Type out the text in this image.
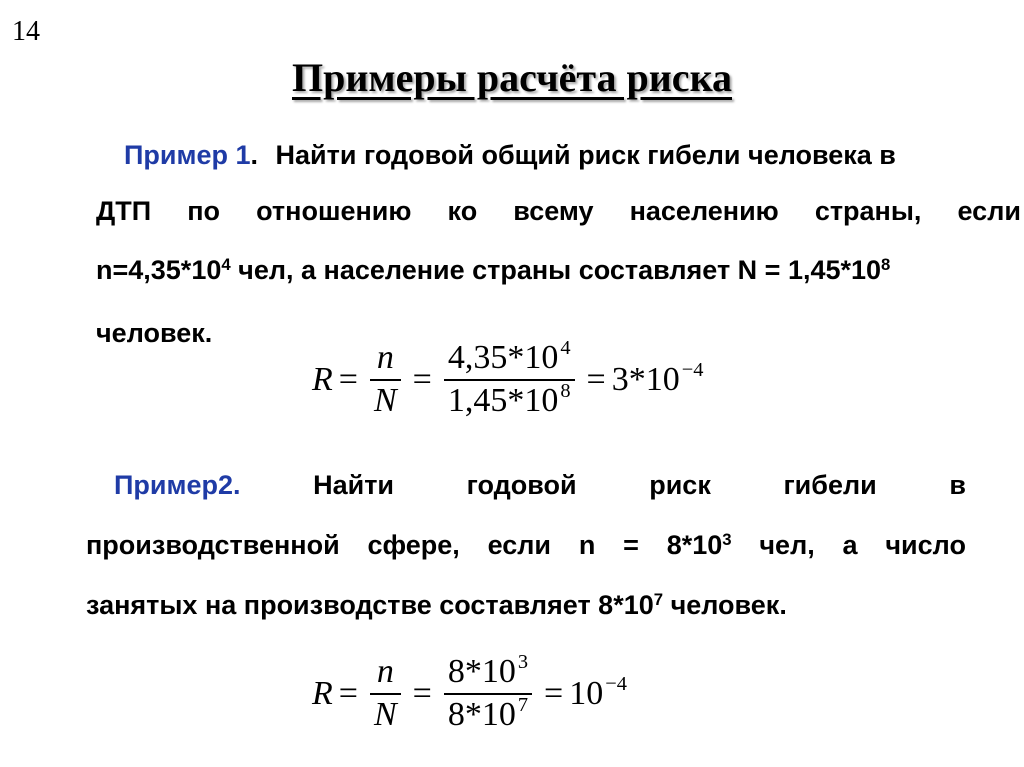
14
Примеры расчёта риска
Пример 1. Найти годовой общий риск гибели человека в
ДТП по отношению ко всему населению страны, если
$n=4,35*10^4$ чел, а население страны составляет $N = 1,45*10^8$
человек.
$R = \frac{n}{N} = \frac{4,35*10^4}{1,45*10^8} = 3*10^{-4}$
Пример2.	Найти	годовой	риск	гибели	в
производственной сфере, если $n = 8*10^3$ чел, а число
занятых на производстве составляет $8*10^7$ человек.
$R = \frac{n}{N} = \frac{8*10^3}{8*10^7} = 10^{-4}$
